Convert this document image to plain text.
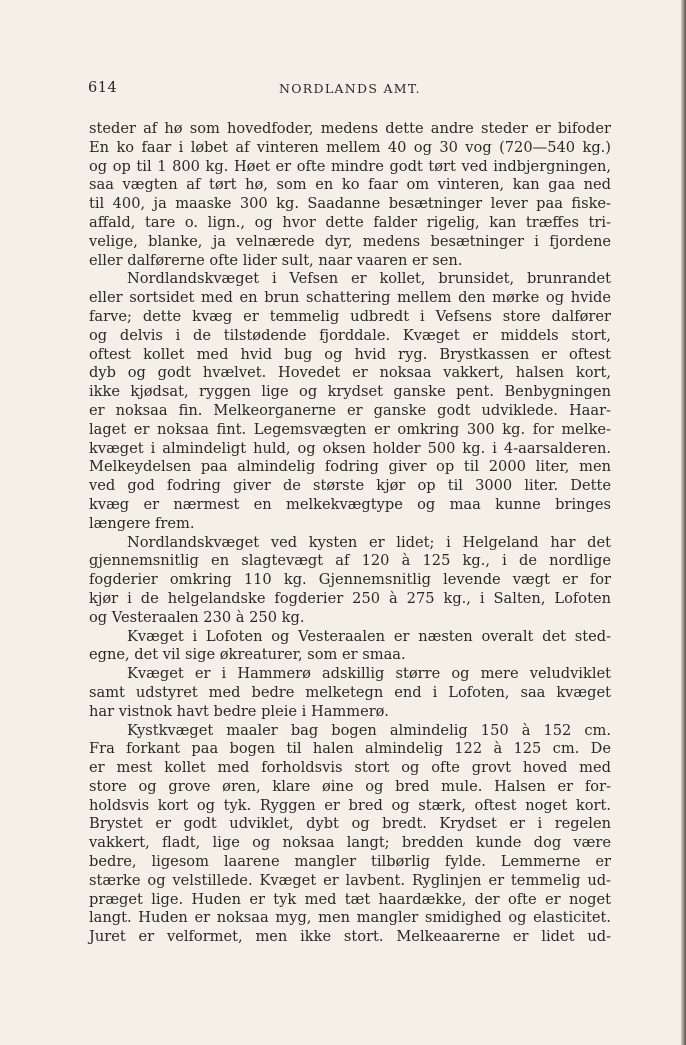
614	NORDLANDS AMT.
steder af hø som hovedfoder, medens dette andre steder er bifoder
En ko faar i løbet af vinteren mellem 40 og 30 vog (720—540 kg.)
og op til 1 800 kg. Høet er ofte mindre godt tørt ved indbjergningen,
saa vægten af tørt hø, som en ko faar om vinteren, kan gaa ned
til 400, ja maaske 300 kg. Saadanne besætninger lever paa fiske-
affald, tare o. lign., og hvor dette falder rigelig, kan træffes tri-
velige, blanke, ja velnærede dyr, medens besætninger i fjordene
eller dalførerne ofte lider sult, naar vaaren er sen.
Nordlandskvæget i Vefsen er kollet, brunsidet, brunrandet
eller sortsidet med en brun schattering mellem den mørke og hvide
farve; dette kvæg er temmelig udbredt i Vefsens store dalfører
og delvis i de tilstødende fjorddale. Kvæget er middels stort,
oftest kollet med hvid bug og hvid ryg. Brystkassen er oftest
dyb og godt hvælvet. Hovedet er noksaa vakkert, halsen kort,
ikke kjødsat, ryggen lige og krydset ganske pent. Benbygningen
er noksaa fin. Melkeorganerne er ganske godt udviklede. Haar-
laget er noksaa fint. Legemsvægten er omkring 300 kg. for melke-
kvæget i almindeligt huld, og oksen holder 500 kg. i 4-aarsalderen.
Melkeydelsen paa almindelig fodring giver op til 2000 liter, men
ved god fodring giver de største kjør op til 3000 liter. Dette
kvæg er nærmest en melkekvægtype og maa kunne bringes
længere frem.
Nordlandskvæget ved kysten er lidet; i Helgeland har det
gjennemsnitlig en slagtevægt af 120 à 125 kg., i de nordlige
fogderier omkring 110 kg. Gjennemsnitlig levende vægt er for
kjør i de helgelandske fogderier 250 à 275 kg., i Salten, Lofoten
og Vesteraalen 230 à 250 kg.
Kvæget i Lofoten og Vesteraalen er næsten overalt det sted-
egne, det vil sige økreaturer, som er smaa.
Kvæget er i Hammerø adskillig større og mere veludviklet
samt udstyret med bedre melketegn end i Lofoten, saa kvæget
har vistnok havt bedre pleie i Hammerø.
Kystkvæget maaler bag bogen almindelig 150 à 152 cm.
Fra forkant paa bogen til halen almindelig 122 à 125 cm. De
er mest kollet med forholdsvis stort og ofte grovt hoved med
store og grove øren, klare øine og bred mule. Halsen er for-
holdsvis kort og tyk. Ryggen er bred og stærk, oftest noget kort.
Brystet er godt udviklet, dybt og bredt. Krydset er i regelen
vakkert, fladt, lige og noksaa langt; bredden kunde dog være
bedre, ligesom laarene mangler tilbørlig fylde. Lemmerne er
stærke og velstillede. Kvæget er lavbent. Ryglinjen er temmelig ud-
præget lige. Huden er tyk med tæt haardække, der ofte er noget
langt. Huden er noksaa myg, men mangler smidighed og elasticitet.
Juret er velformet, men ikke stort. Melkeaarerne er lidet ud-
